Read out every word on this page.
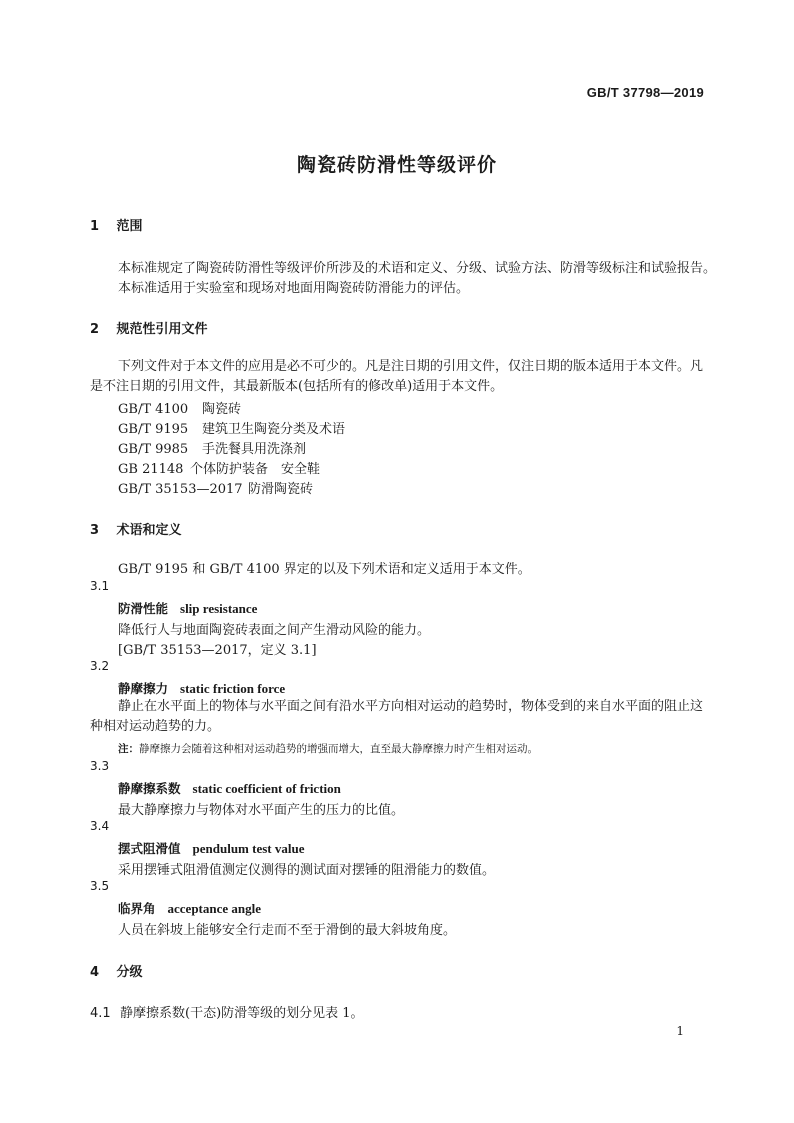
GB/T 37798—2019
陶瓷砖防滑性等级评价
1 范围
本标准规定了陶瓷砖防滑性等级评价所涉及的术语和定义、分级、试验方法、防滑等级标注和试验报告。
本标准适用于实验室和现场对地面用陶瓷砖防滑能力的评估。
2 规范性引用文件
下列文件对于本文件的应用是必不可少的。凡是注日期的引用文件，仅注日期的版本适用于本文件。凡是不注日期的引用文件，其最新版本(包括所有的修改单)适用于本文件。
GB/T 4100 陶瓷砖
GB/T 9195 建筑卫生陶瓷分类及术语
GB/T 9985 手洗餐具用洗涤剂
GB 21148 个体防护装备　安全鞋
GB/T 35153—2017 防滑陶瓷砖
3 术语和定义
GB/T 9195 和 GB/T 4100 界定的以及下列术语和定义适用于本文件。
3.1
防滑性能 slip resistance
降低行人与地面陶瓷砖表面之间产生滑动风险的能力。
[GB/T 35153—2017，定义 3.1]
3.2
静摩擦力 static friction force
静止在水平面上的物体与水平面之间有沿水平方向相对运动的趋势时，物体受到的来自水平面的阻止这种相对运动趋势的力。
注：静摩擦力会随着这种相对运动趋势的增强而增大，直至最大静摩擦力时产生相对运动。
3.3
静摩擦系数 static coefficient of friction
最大静摩擦力与物体对水平面产生的压力的比值。
3.4
摆式阻滑值 pendulum test value
采用摆锤式阻滑值测定仪测得的测试面对摆锤的阻滑能力的数值。
3.5
临界角 acceptance angle
人员在斜坡上能够安全行走而不至于滑倒的最大斜坡角度。
4 分级
4.1 静摩擦系数(干态)防滑等级的划分见表 1。
1
